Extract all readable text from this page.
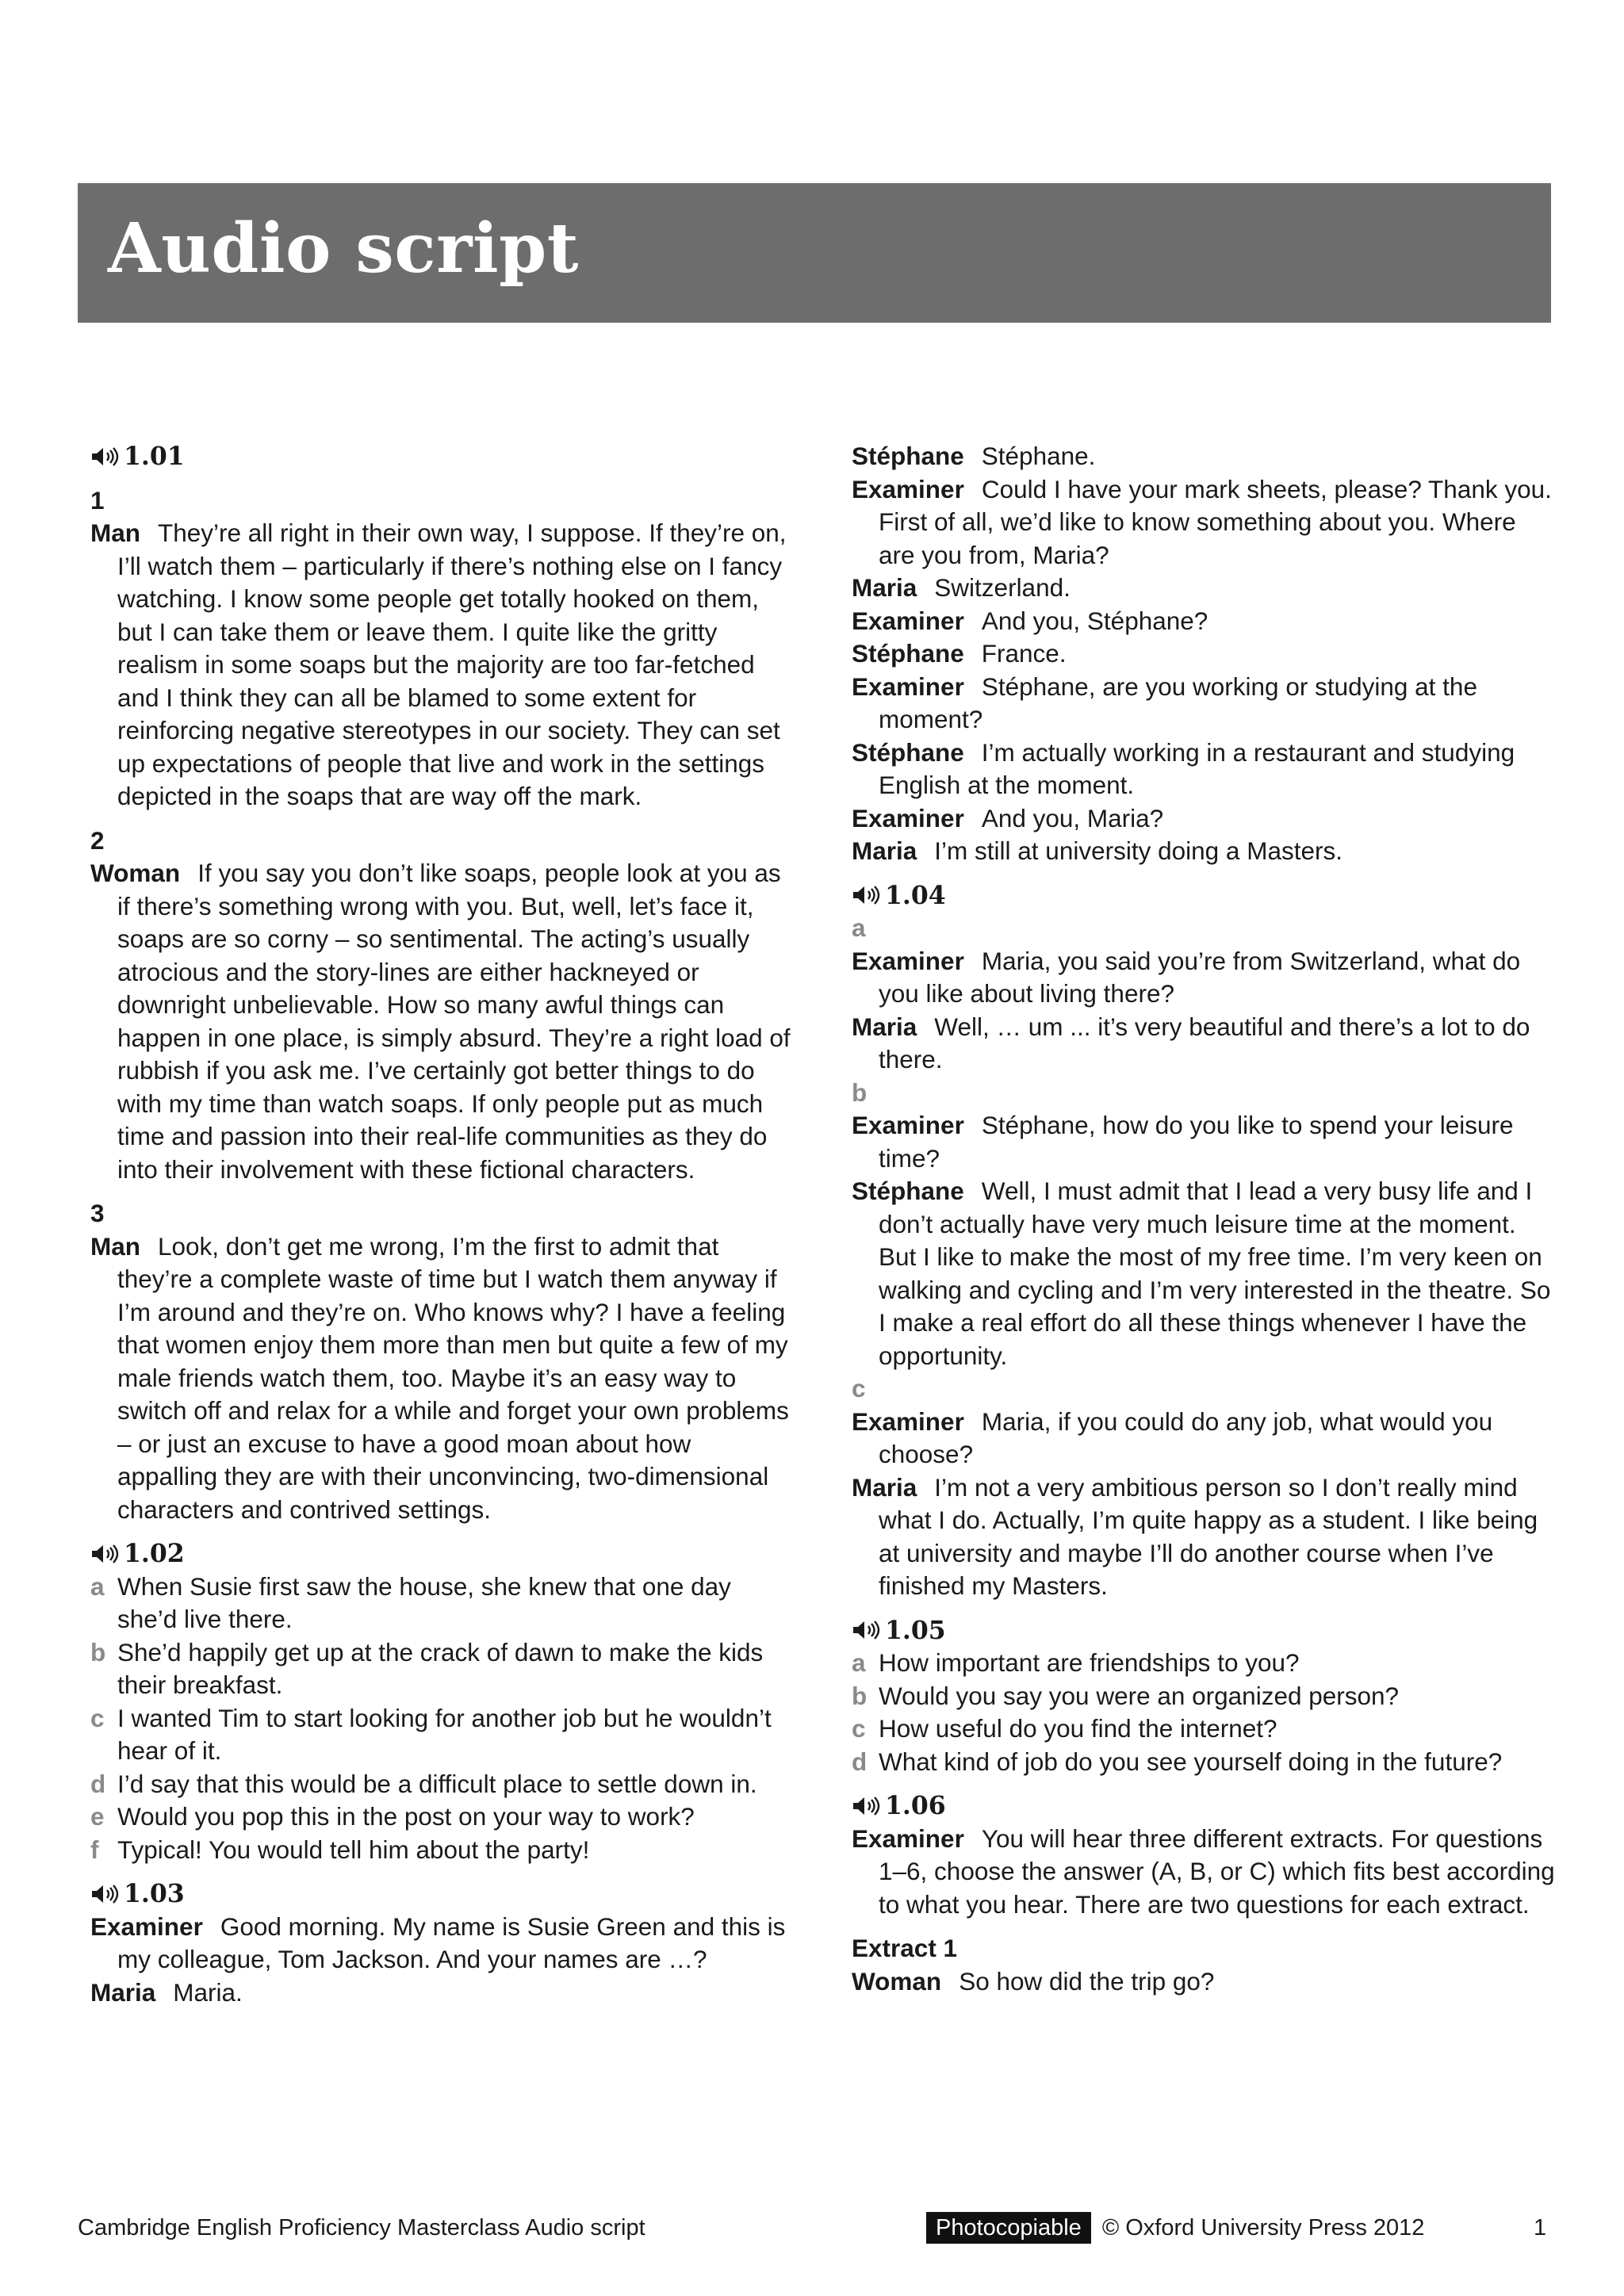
Audio script
1.01

1

Man They’re all right in their own way, I suppose. If they’re on, I’ll watch them – particularly if there’s nothing else on I fancy watching. I know some people get totally hooked on them, but I can take them or leave them. I quite like the gritty realism in some soaps but the majority are too far-fetched and I think they can all be blamed to some extent for reinforcing negative stereotypes in our society. They can set up expectations of people that live and work in the settings depicted in the soaps that are way off the mark.

2

Woman If you say you don’t like soaps, people look at you as if there’s something wrong with you. But, well, let’s face it, soaps are so corny – so sentimental. The acting’s usually atrocious and the story-lines are either hackneyed or downright unbelievable. How so many awful things can happen in one place, is simply absurd. They’re a right load of rubbish if you ask me. I’ve certainly got better things to do with my time than watch soaps. If only people put as much time and passion into their real-life communities as they do into their involvement with these fictional characters.

3

Man Look, don’t get me wrong, I’m the first to admit that they’re a complete waste of time but I watch them anyway if I’m around and they’re on. Who knows why? I have a feeling that women enjoy them more than men but quite a few of my male friends watch them, too. Maybe it’s an easy way to switch off and relax for a while and forget your own problems – or just an excuse to have a good moan about how appalling they are with their unconvincing, two-dimensional characters and contrived settings.

1.02

a When Susie first saw the house, she knew that one day she’d live there.

b She’d happily get up at the crack of dawn to make the kids their breakfast.

c I wanted Tim to start looking for another job but he wouldn’t hear of it.

d I’d say that this would be a difficult place to settle down in.

e Would you pop this in the post on your way to work?

f Typical! You would tell him about the party!

1.03

Examiner Good morning. My name is Susie Green and this is my colleague, Tom Jackson. And your names are …?

Maria Maria.

Stéphane Stéphane.

Examiner Could I have your mark sheets, please? Thank you. First of all, we’d like to know something about you. Where are you from, Maria?

Maria Switzerland.

Examiner And you, Stéphane?

Stéphane France.

Examiner Stéphane, are you working or studying at the moment?

Stéphane I’m actually working in a restaurant and studying English at the moment.

Examiner And you, Maria?

Maria I’m still at university doing a Masters.

1.04

a

Examiner Maria, you said you’re from Switzerland, what do you like about living there?

Maria Well, … um ... it’s very beautiful and there’s a lot to do there.

b

Examiner Stéphane, how do you like to spend your leisure time?

Stéphane Well, I must admit that I lead a very busy life and I don’t actually have very much leisure time at the moment. But I like to make the most of my free time. I’m very keen on walking and cycling and I’m very interested in the theatre. So I make a real effort do all these things whenever I have the opportunity.

c

Examiner Maria, if you could do any job, what would you choose?

Maria I’m not a very ambitious person so I don’t really mind what I do. Actually, I’m quite happy as a student. I like being at university and maybe I’ll do another course when I’ve finished my Masters.

1.05

a How important are friendships to you?

b Would you say you were an organized person?

c How useful do you find the internet?

d What kind of job do you see yourself doing in the future?

1.06

Examiner You will hear three different extracts. For questions 1–6, choose the answer (A, B, or C) which fits best according to what you hear. There are two questions for each extract.

Extract 1

Woman So how did the trip go?

Cambridge English Proficiency Masterclass Audio script	Photocopiable © Oxford University Press 2012	1
